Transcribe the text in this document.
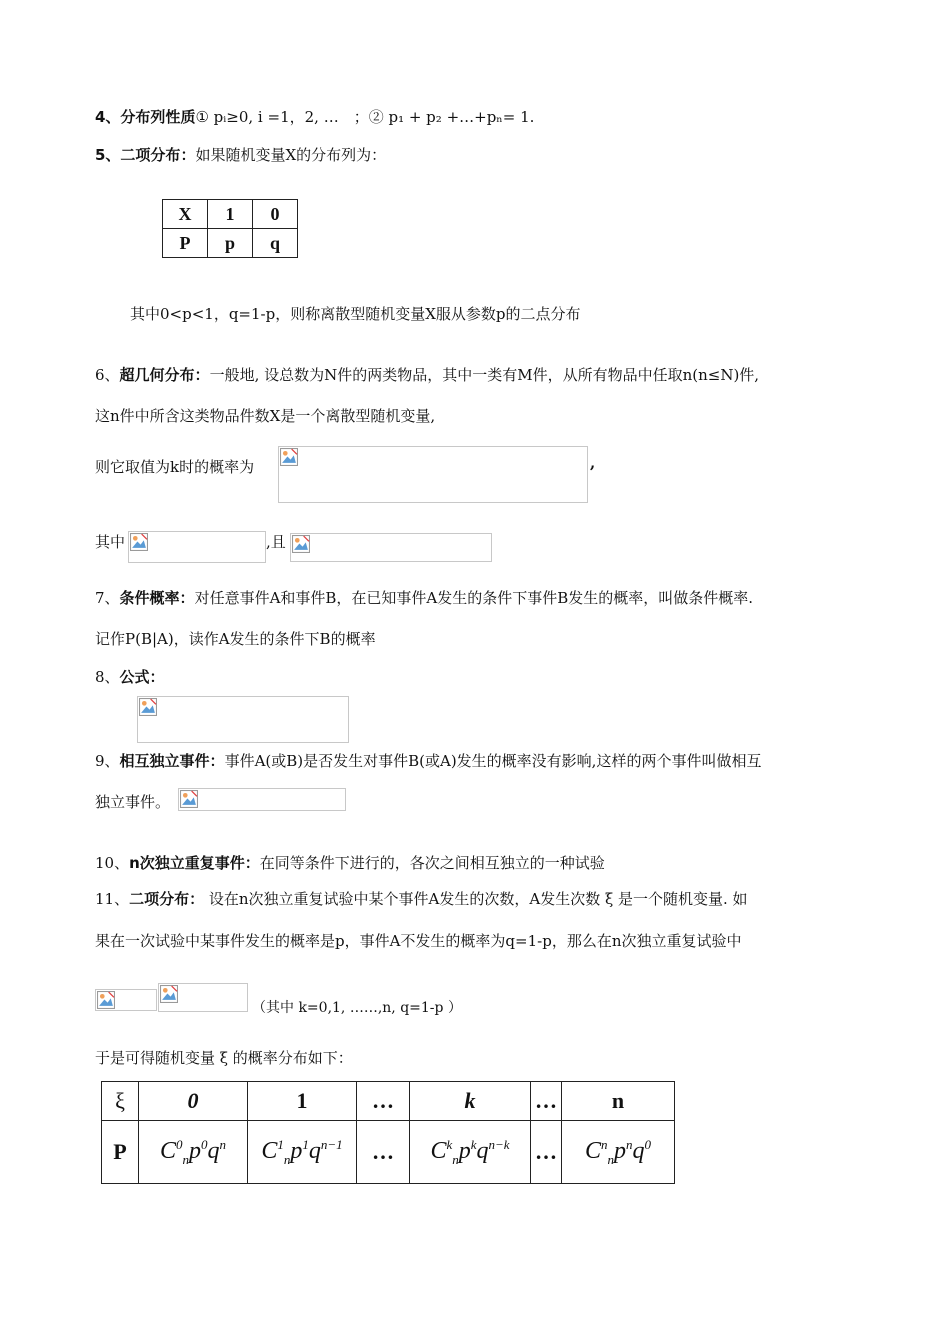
4、分布列性质① pᵢ≥0, i =1，2, …　；② p₁ + p₂ +…+pₙ= 1.
5、二项分布：如果随机变量X的分布列为：
X	1	0
P	p	q
其中0<p<1，q=1-p，则称离散型随机变量X服从参数p的二点分布
6、超几何分布：一般地, 设总数为N件的两类物品，其中一类有M件，从所有物品中任取n(n≤N)件,
这n件中所含这类物品件数X是一个离散型随机变量,
则它取值为k时的概率为	,
其中	,且
7、条件概率：对任意事件A和事件B，在已知事件A发生的条件下事件B发生的概率，叫做条件概率.
记作P(B|A)，读作A发生的条件下B的概率
8、公式：
9、相互独立事件：事件A(或B)是否发生对事件B(或A)发生的概率没有影响,这样的两个事件叫做相互
独立事件。
10、n次独立重复事件：在同等条件下进行的，各次之间相互独立的一种试验
11、二项分布： 设在n次独立重复试验中某个事件A发生的次数，A发生次数 ξ 是一个随机变量. 如
果在一次试验中某事件发生的概率是p，事件A不发生的概率为q=1-p，那么在n次独立重复试验中
（其中 k=0,1, ……,n, q=1-p ）
于是可得随机变量 ξ 的概率分布如下：
ξ	0	1	…	k	…	n
P	$C^0_np^0q^n$	$C^1_np^1q^{n-1}$	…	$C^k_np^kq^{n-k}$	…	$C^n_np^nq^0$
